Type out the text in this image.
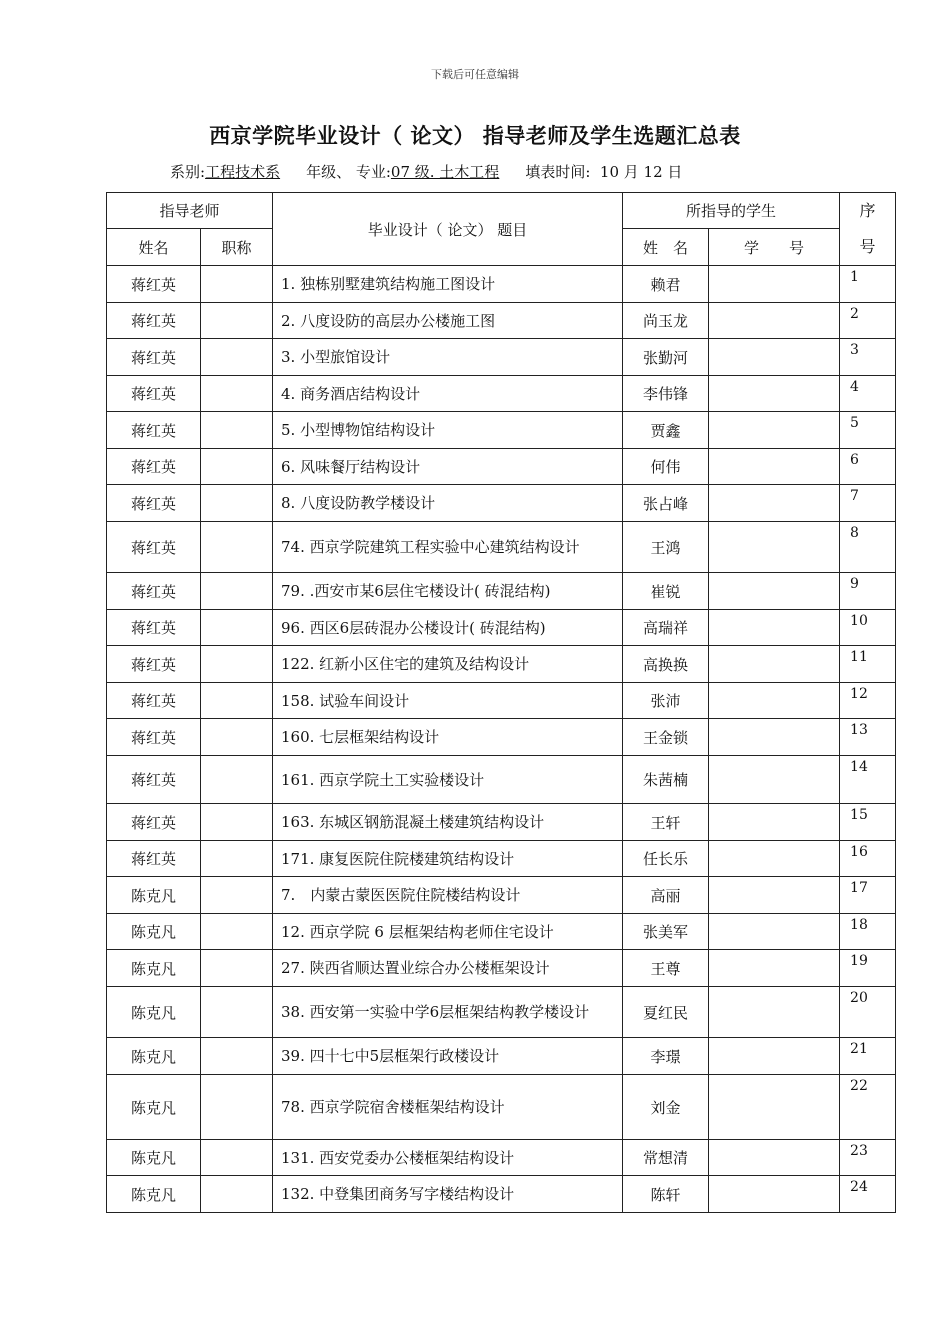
下载后可任意编辑
西京学院毕业设计（ 论文） 指导老师及学生选题汇总表
系别:工程技术系 年级、 专业:07 级. 土木工程 填表时间: 10 月 12 日
指导老师		毕业设计（ 论文） 题目	所指导的学生		序
号
姓名	职称		姓　名	学　　号	
蒋红英		1. 独栋别墅建筑结构施工图设计	赖君		1
蒋红英		2. 八度设防的高层办公楼施工图	尚玉龙		2
蒋红英		3. 小型旅馆设计	张勤河		3
蒋红英		4. 商务酒店结构设计	李伟锋		4
蒋红英		5. 小型博物馆结构设计	贾鑫		5
蒋红英		6. 风味餐厅结构设计	何伟		6
蒋红英		8. 八度设防教学楼设计	张占峰		7
蒋红英		74. 西京学院建筑工程实验中心建筑结构设计	王鸿		8
蒋红英		79. .西安市某6层住宅楼设计( 砖混结构)	崔锐		9
蒋红英		96. 西区6层砖混办公楼设计( 砖混结构)	高瑞祥		10
蒋红英		122. 红新小区住宅的建筑及结构设计	高换换		11
蒋红英		158. 试验车间设计	张沛		12
蒋红英		160. 七层框架结构设计	王金锁		13
蒋红英		161. 西京学院土工实验楼设计	朱茜楠		14
蒋红英		163. 东城区钢筋混凝土楼建筑结构设计	王轩		15
蒋红英		171. 康复医院住院楼建筑结构设计	任长乐		16
陈克凡		7.　内蒙古蒙医医院住院楼结构设计	高丽		17
陈克凡		12. 西京学院 6 层框架结构老师住宅设计	张美军		18
陈克凡		27. 陕西省顺达置业综合办公楼框架设计	王尊		19
陈克凡		38. 西安第一实验中学6层框架结构教学楼设计	夏红民		20
陈克凡		39. 四十七中5层框架行政楼设计	李璟		21
陈克凡		78. 西京学院宿舍楼框架结构设计	刘金		22
陈克凡		131. 西安党委办公楼框架结构设计	常想清		23
陈克凡		132. 中登集团商务写字楼结构设计	陈轩		24
